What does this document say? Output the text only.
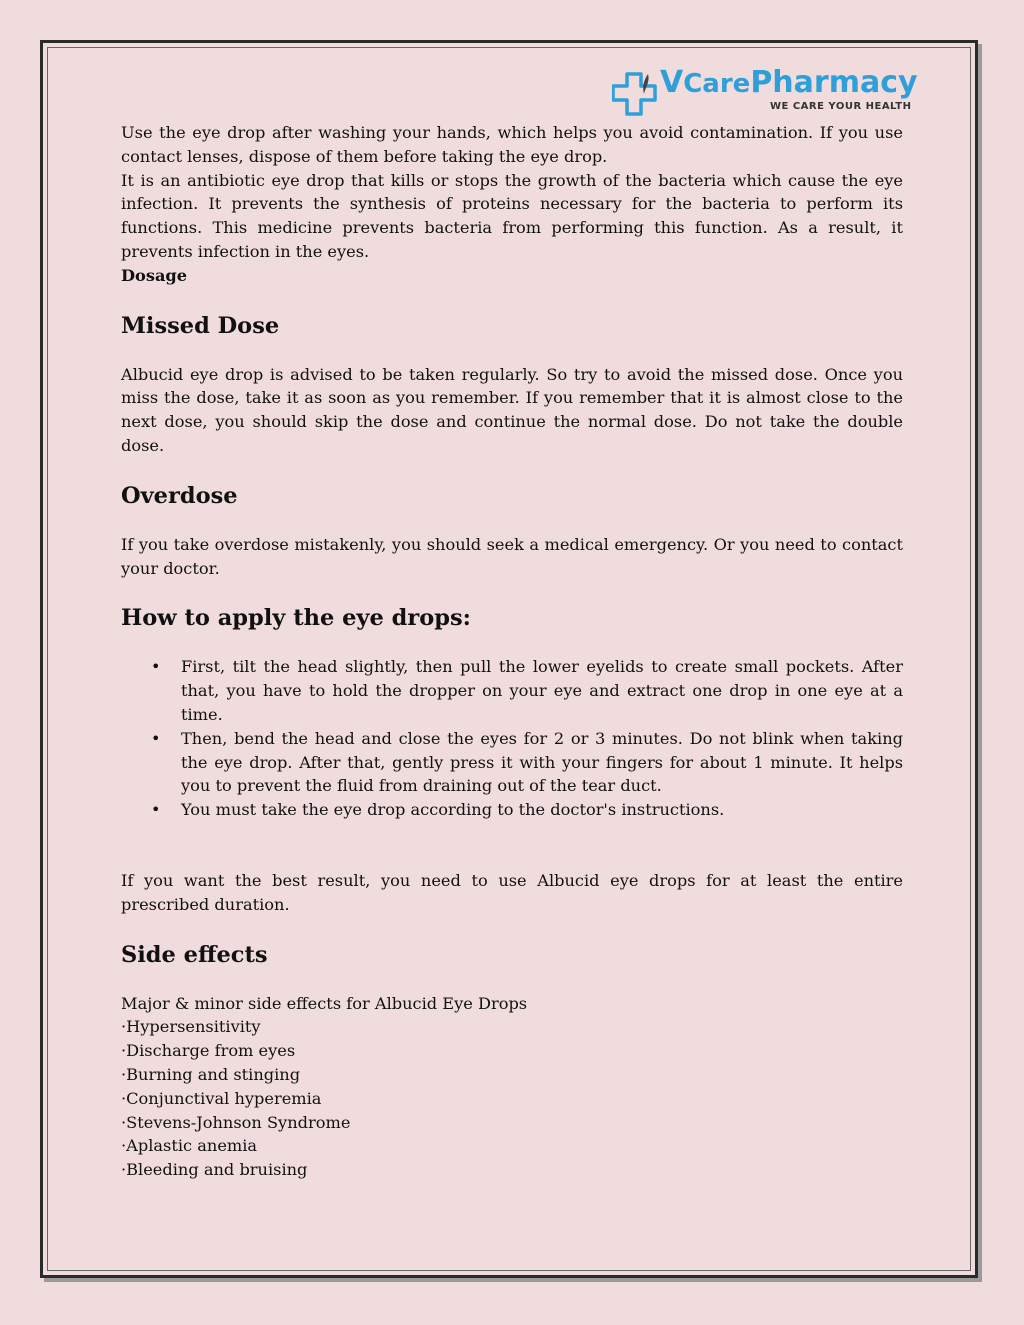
VCarePharmacy
WE CARE YOUR HEALTH

Use the eye drop after washing your hands, which helps you avoid contamination. If you use contact lenses, dispose of them before taking the eye drop.

It is an antibiotic eye drop that kills or stops the growth of the bacteria which cause the eye infection. It prevents the synthesis of proteins necessary for the bacteria to perform its functions. This medicine prevents bacteria from performing this function. As a result, it prevents infection in the eyes.

Dosage

Missed Dose

Albucid eye drop is advised to be taken regularly. So try to avoid the missed dose. Once you miss the dose, take it as soon as you remember. If you remember that it is almost close to the next dose, you should skip the dose and continue the normal dose. Do not take the double dose.

Overdose

If you take overdose mistakenly, you should seek a medical emergency. Or you need to contact your doctor.

How to apply the eye drops:
• First, tilt the head slightly, then pull the lower eyelids to create small pockets. After that, you have to hold the dropper on your eye and extract one drop in one eye at a time.
• Then, bend the head and close the eyes for 2 or 3 minutes. Do not blink when taking the eye drop. After that, gently press it with your fingers for about 1 minute. It helps you to prevent the fluid from draining out of the tear duct.
• You must take the eye drop according to the doctor's instructions.

If you want the best result, you need to use Albucid eye drops for at least the entire prescribed duration.

Side effects

Major & minor side effects for Albucid Eye Drops

· Hypersensitivity
· Discharge from eyes
· Burning and stinging
· Conjunctival hyperemia
· Stevens-Johnson Syndrome
· Aplastic anemia
· Bleeding and bruising
